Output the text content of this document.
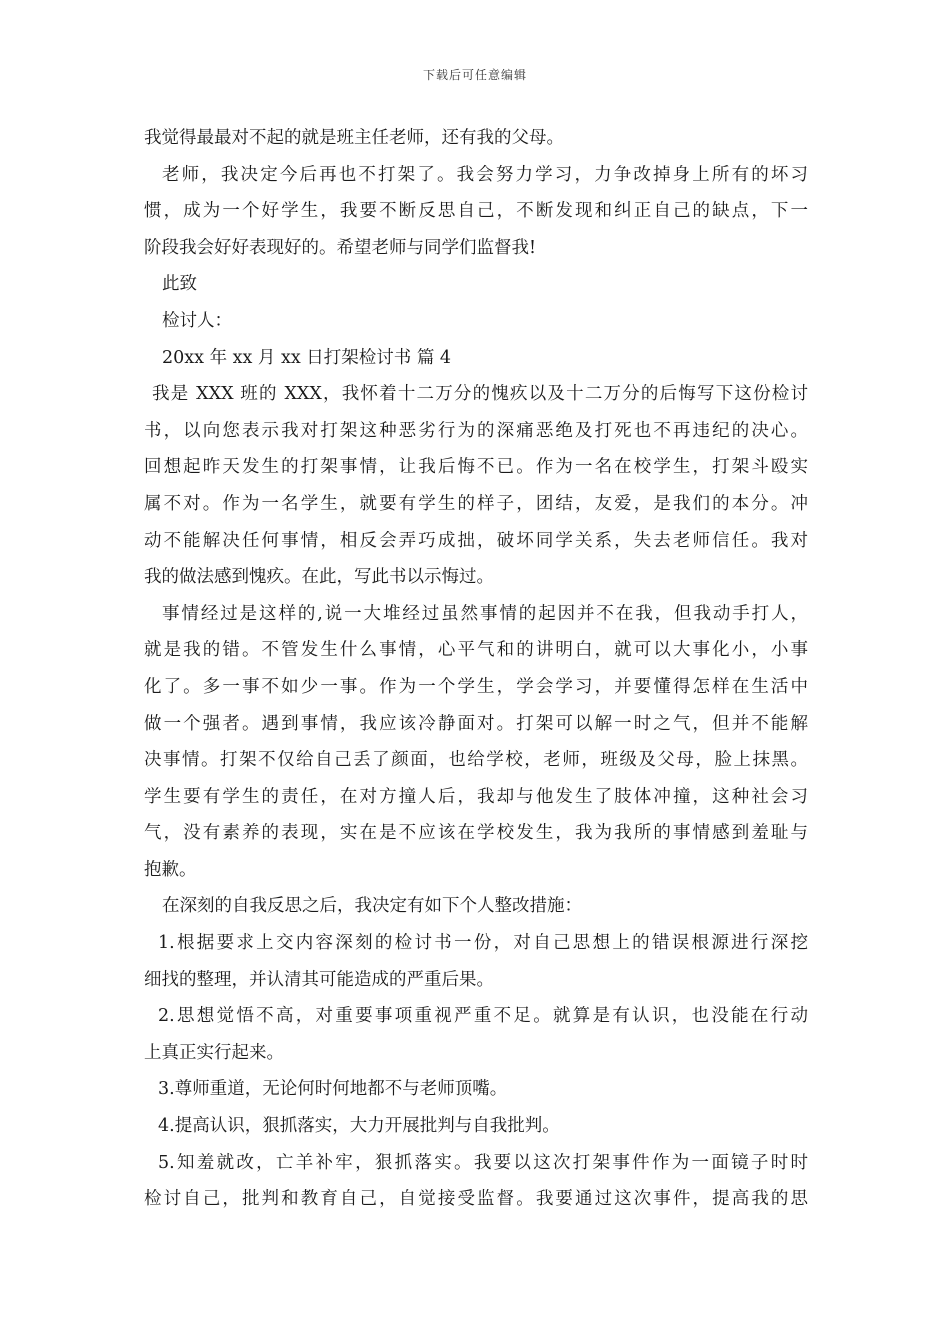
下载后可任意编辑
我觉得最最对不起的就是班主任老师，还有我的父母。
老师，我决定今后再也不打架了。我会努力学习，力争改掉身上所有的坏习
惯，成为一个好学生，我要不断反思自己，不断发现和纠正自己的缺点，下一
阶段我会好好表现好的。希望老师与同学们监督我!
此致
检讨人：
20xx 年 xx 月 xx 日打架检讨书 篇 4
我是 XXX 班的 XXX，我怀着十二万分的愧疚以及十二万分的后悔写下这份检讨
书，以向您表示我对打架这种恶劣行为的深痛恶绝及打死也不再违纪的决心。
回想起昨天发生的打架事情，让我后悔不已。作为一名在校学生，打架斗殴实
属不对。作为一名学生，就要有学生的样子，团结，友爱，是我们的本分。冲
动不能解决任何事情，相反会弄巧成拙，破坏同学关系，失去老师信任。我对
我的做法感到愧疚。在此，写此书以示悔过。
事情经过是这样的,说一大堆经过虽然事情的起因并不在我，但我动手打人，
就是我的错。不管发生什么事情，心平气和的讲明白，就可以大事化小，小事
化了。多一事不如少一事。作为一个学生，学会学习，并要懂得怎样在生活中
做一个强者。遇到事情，我应该冷静面对。打架可以解一时之气，但并不能解
决事情。打架不仅给自己丢了颜面，也给学校，老师，班级及父母，脸上抹黑。
学生要有学生的责任，在对方撞人后，我却与他发生了肢体冲撞，这种社会习
气，没有素养的表现，实在是不应该在学校发生，我为我所的事情感到羞耻与
抱歉。
在深刻的自我反思之后，我决定有如下个人整改措施：
1.根据要求上交内容深刻的检讨书一份，对自己思想上的错误根源进行深挖
细找的整理，并认清其可能造成的严重后果。
2.思想觉悟不高，对重要事项重视严重不足。就算是有认识，也没能在行动
上真正实行起来。
3.尊师重道，无论何时何地都不与老师顶嘴。
4.提高认识，狠抓落实，大力开展批判与自我批判。
5.知羞就改，亡羊补牢，狠抓落实。我要以这次打架事件作为一面镜子时时
检讨自己，批判和教育自己，自觉接受监督。我要通过这次事件，提高我的思
